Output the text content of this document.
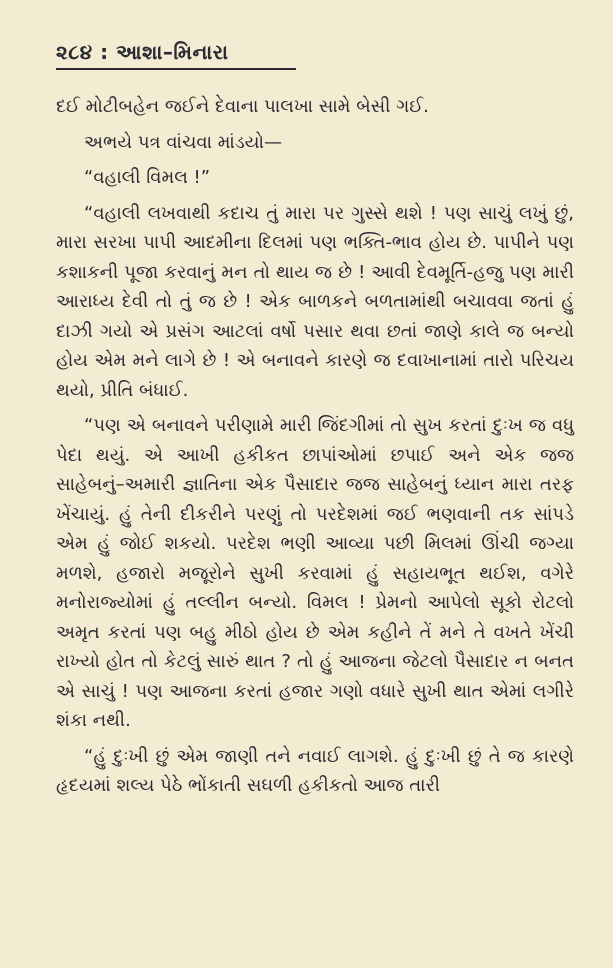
૨૮૪ : આશા–મિનારા

દઈ મોટીબહેન જઈને દેવાના પાલખા સામે બેસી ગઈ.

અભયે પત્ર વાંચવા માંડયો—

“વહાલી વિમલ !”

“વહાલી લખવાથી કદાચ તું મારા પર ગુસ્સે થશે ! પણ સાચું લખું છું, મારા સરખા પાપી આદમીના દિલમાં પણ ભક્તિ-ભાવ હોય છે. પાપીને પણ કશાકની પૂજા કરવાનું મન તો થાય જ છે ! આવી દેવમૂર્તિ-હજુ પણ મારી આરાધ્ય દેવી તો તું જ છે ! એક બાળકને બળતામાંથી બચાવવા જતાં હું દાઝી ગયો એ પ્રસંગ આટલાં વર્ષો પસાર થવા છતાં જાણે કાલે જ બન્યો હોય એમ મને લાગે છે ! એ બનાવને કારણે જ દવાખાનામાં તારો પરિચય થયો, પ્રીતિ બંધાઈ.

“પણ એ બનાવને પરીણામે મારી જિંદગીમાં તો સુખ કરતાં દુઃખ જ વધુ પેદા થયું. એ આખી હકીકત છાપાંઓમાં છપાઈ અને એક જજ સાહેબનું–અમારી જ્ઞાતિના એક પૈસાદાર જજ સાહેબનું ધ્યાન મારા તરફ ખેંચાયું. હું તેની દીકરીને પરણું તો પરદેશમાં જઈ ભણવાની તક સાંપડે એમ હું જોઈ શકયો. પરદેશ ભણી આવ્યા પછી મિલમાં ઊંચી જગ્યા મળશે, હજારો મજૂરોને સુખી કરવામાં હું સહાયભૂત થઈશ, વગેરે મનોરાજ્યોમાં હું તલ્લીન બન્યો. વિમલ ! પ્રેમનો આપેલો સૂકો રોટલો અમૃત કરતાં પણ બહુ મીઠો હોય છે એમ કહીને તેં મને તે વખતે ખેંચી રાખ્યો હોત તો કેટલું સારું થાત ? તો હું આજના જેટલો પૈસાદાર ન બનત એ સાચું ! પણ આજના કરતાં હજાર ગણો વધારે સુખી થાત એમાં લગીરે શંકા નથી.

“હું દુઃખી છું એમ જાણી તને નવાઈ લાગશે. હું દુઃખી છું તે જ કારણે હૃદયમાં શલ્ય પેઠે ભોંકાતી સઘળી હકીકતો આજ તારી
